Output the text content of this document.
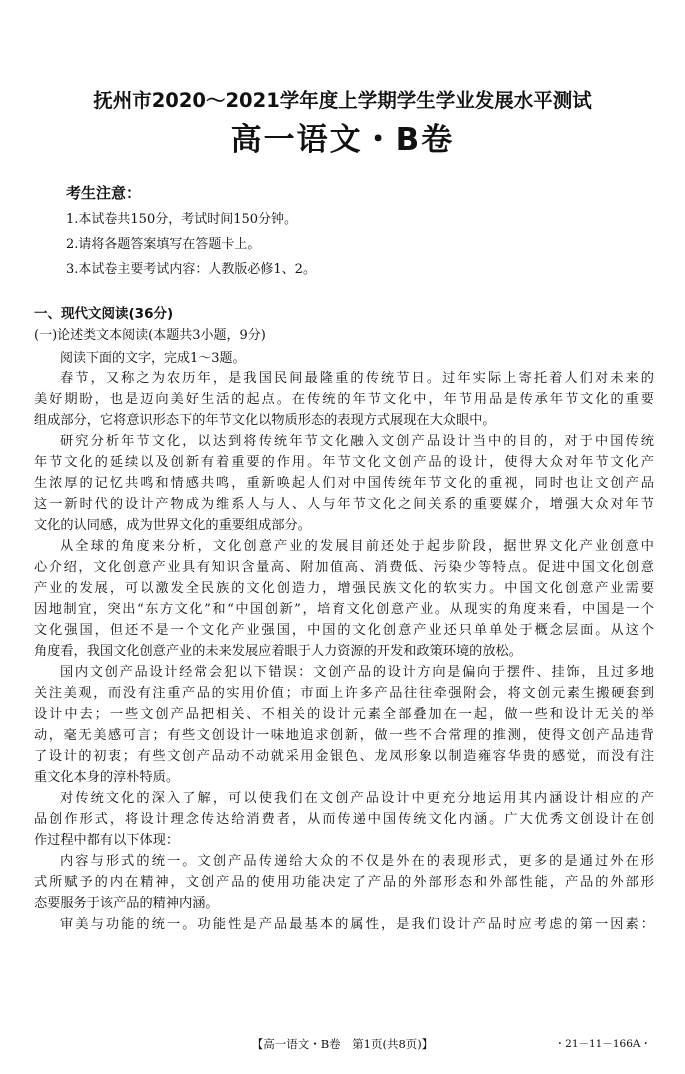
抚州市2020～2021学年度上学期学生学业发展水平测试
高一语文・B卷
考生注意：
1.本试卷共150分，考试时间150分钟。
2.请将各题答案填写在答题卡上。
3.本试卷主要考试内容：人教版必修1、2。
一、现代文阅读(36分)
(一)论述类文本阅读(本题共3小题，9分)
阅读下面的文字，完成1～3题。
春节，又称之为农历年，是我国民间最隆重的传统节日。过年实际上寄托着人们对未来的
美好期盼，也是迈向美好生活的起点。在传统的年节文化中，年节用品是传承年节文化的重要
组成部分，它将意识形态下的年节文化以物质形态的表现方式展现在大众眼中。
研究分析年节文化，以达到将传统年节文化融入文创产品设计当中的目的，对于中国传统
年节文化的延续以及创新有着重要的作用。年节文化文创产品的设计，使得大众对年节文化产
生浓厚的记忆共鸣和情感共鸣，重新唤起人们对中国传统年节文化的重视，同时也让文创产品
这一新时代的设计产物成为维系人与人、人与年节文化之间关系的重要媒介，增强大众对年节
文化的认同感，成为世界文化的重要组成部分。
从全球的角度来分析，文化创意产业的发展目前还处于起步阶段，据世界文化产业创意中
心介绍，文化创意产业具有知识含量高、附加值高、消费低、污染少等特点。促进中国文化创意
产业的发展，可以激发全民族的文化创造力，增强民族文化的软实力。中国文化创意产业需要
因地制宜，突出“东方文化”和“中国创新”，培育文化创意产业。从现实的角度来看，中国是一个
文化强国，但还不是一个文化产业强国，中国的文化创意产业还只单单处于概念层面。从这个
角度看，我国文化创意产业的未来发展应着眼于人力资源的开发和政策环境的放松。
国内文创产品设计经常会犯以下错误：文创产品的设计方向是偏向于摆件、挂饰，且过多地
关注美观，而没有注重产品的实用价值；市面上许多产品往往牵强附会，将文创元素生搬硬套到
设计中去；一些文创产品把相关、不相关的设计元素全部叠加在一起，做一些和设计无关的举
动，毫无美感可言；有些文创设计一味地追求创新，做一些不合常理的推测，使得文创产品违背
了设计的初衷；有些文创产品动不动就采用金银色、龙凤形象以制造雍容华贵的感觉，而没有注
重文化本身的淳朴特质。
对传统文化的深入了解，可以使我们在文创产品设计中更充分地运用其内涵设计相应的产
品创作形式，将设计理念传达给消费者，从而传递中国传统文化内涵。广大优秀文创设计在创
作过程中都有以下体现：
内容与形式的统一。文创产品传递给大众的不仅是外在的表现形式，更多的是通过外在形
式所赋予的内在精神，文创产品的使用功能决定了产品的外部形态和外部性能，产品的外部形
态要服务于该产品的精神内涵。
审美与功能的统一。功能性是产品最基本的属性，是我们设计产品时应考虑的第一因素：
【高一语文・B卷　第1页(共8页)】	・21－11－166A・
